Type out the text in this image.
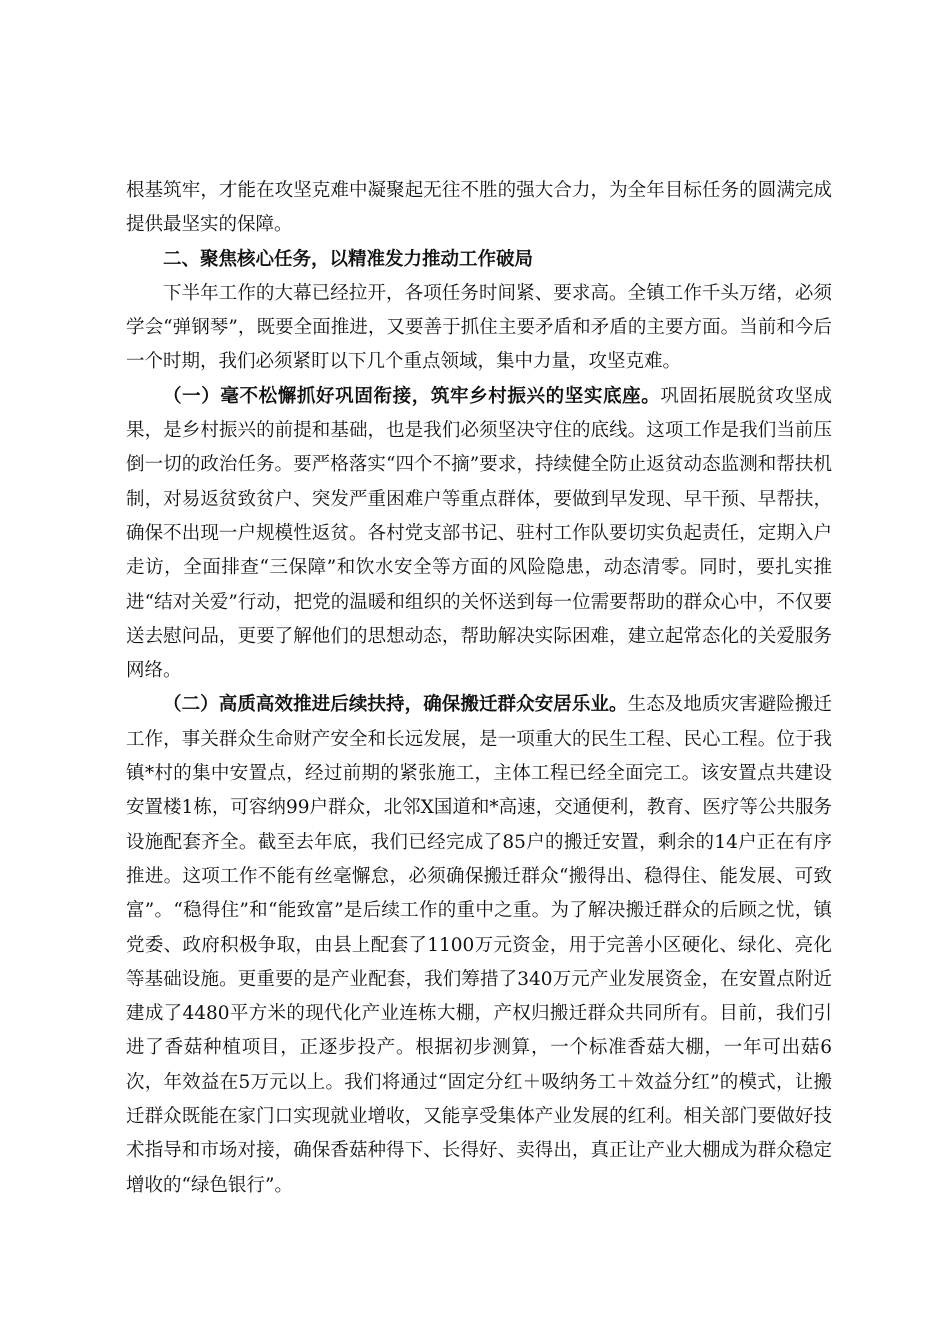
根基筑牢，才能在攻坚克难中凝聚起无往不胜的强大合力，为全年目标任务的圆满完成提供最坚实的保障。

二、聚焦核心任务，以精准发力推动工作破局

下半年工作的大幕已经拉开，各项任务时间紧、要求高。全镇工作千头万绪，必须学会“弹钢琴”，既要全面推进，又要善于抓住主要矛盾和矛盾的主要方面。当前和今后一个时期，我们必须紧盯以下几个重点领域，集中力量，攻坚克难。

（一）毫不松懈抓好巩固衔接，筑牢乡村振兴的坚实底座。巩固拓展脱贫攻坚成果，是乡村振兴的前提和基础，也是我们必须坚决守住的底线。这项工作是我们当前压倒一切的政治任务。要严格落实“四个不摘”要求，持续健全防止返贫动态监测和帮扶机制，对易返贫致贫户、突发严重困难户等重点群体，要做到早发现、早干预、早帮扶，确保不出现一户规模性返贫。各村党支部书记、驻村工作队要切实负起责任，定期入户走访，全面排查“三保障”和饮水安全等方面的风险隐患，动态清零。同时，要扎实推进“结对关爱”行动，把党的温暖和组织的关怀送到每一位需要帮助的群众心中，不仅要送去慰问品，更要了解他们的思想动态，帮助解决实际困难，建立起常态化的关爱服务网络。

（二）高质高效推进后续扶持，确保搬迁群众安居乐业。生态及地质灾害避险搬迁工作，事关群众生命财产安全和长远发展，是一项重大的民生工程、民心工程。位于我镇*村的集中安置点，经过前期的紧张施工，主体工程已经全面完工。该安置点共建设安置楼1栋，可容纳99户群众，北邻X国道和*高速，交通便利，教育、医疗等公共服务设施配套齐全。截至去年底，我们已经完成了85户的搬迁安置，剩余的14户正在有序推进。这项工作不能有丝毫懈怠，必须确保搬迁群众“搬得出、稳得住、能发展、可致富”。“稳得住”和“能致富”是后续工作的重中之重。为了解决搬迁群众的后顾之忧，镇党委、政府积极争取，由县上配套了1100万元资金，用于完善小区硬化、绿化、亮化等基础设施。更重要的是产业配套，我们筹措了340万元产业发展资金，在安置点附近建成了4480平方米的现代化产业连栋大棚，产权归搬迁群众共同所有。目前，我们引进了香菇种植项目，正逐步投产。根据初步测算，一个标准香菇大棚，一年可出菇6次，年效益在5万元以上。我们将通过“固定分红＋吸纳务工＋效益分红”的模式，让搬迁群众既能在家门口实现就业增收，又能享受集体产业发展的红利。相关部门要做好技术指导和市场对接，确保香菇种得下、长得好、卖得出，真正让产业大棚成为群众稳定增收的“绿色银行”。
